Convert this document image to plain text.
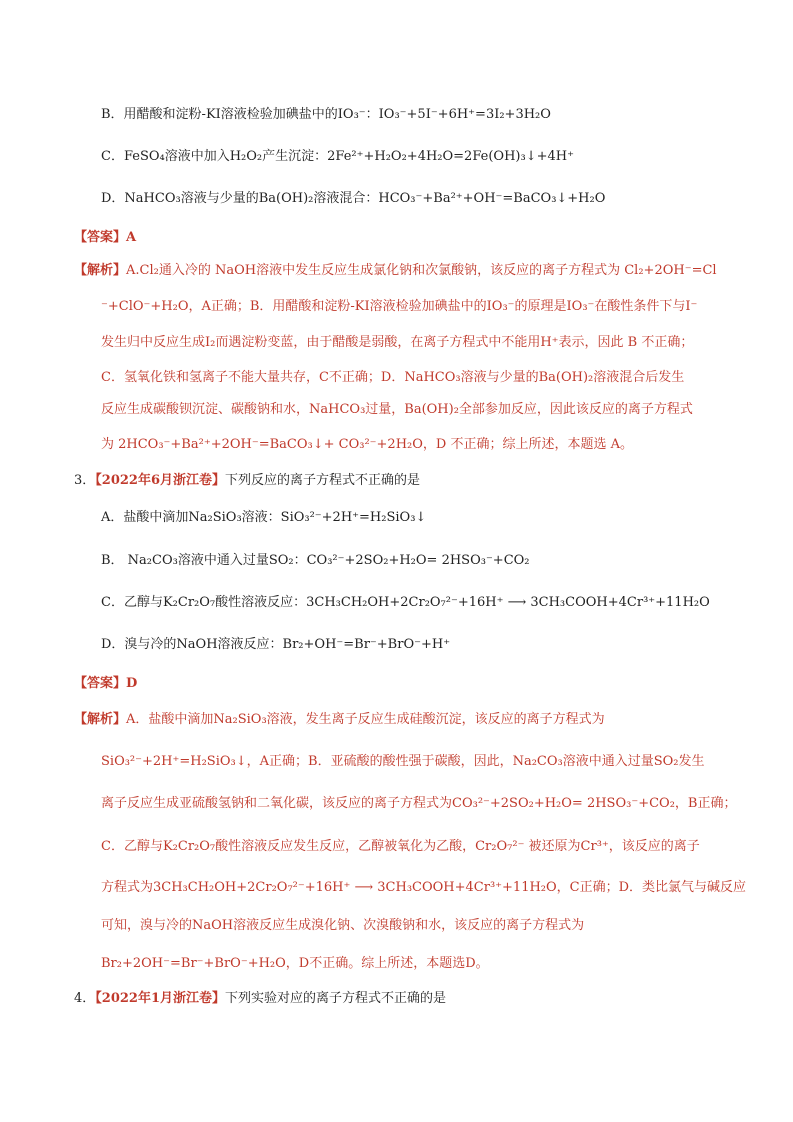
B．用醋酸和淀粉-KI溶液检验加碘盐中的IO₃⁻：IO₃⁻+5I⁻+6H⁺=3I₂+3H₂O
C．FeSO₄溶液中加入H₂O₂产生沉淀：2Fe²⁺+H₂O₂+4H₂O=2Fe(OH)₃↓+4H⁺
D．NaHCO₃溶液与少量的Ba(OH)₂溶液混合：HCO₃⁻+Ba²⁺+OH⁻=BaCO₃↓+H₂O
【答案】A
【解析】A.Cl₂通入冷的 NaOH溶液中发生反应生成氯化钠和次氯酸钠，该反应的离子方程式为 Cl₂+2OH⁻=Cl
⁻+ClO⁻+H₂O，A正确；B．用醋酸和淀粉-KI溶液检验加碘盐中的IO₃⁻的原理是IO₃⁻在酸性条件下与I⁻
发生归中反应生成I₂而遇淀粉变蓝，由于醋酸是弱酸，在离子方程式中不能用H⁺表示，因此 B 不正确；
C．氢氧化铁和氢离子不能大量共存，C不正确；D．NaHCO₃溶液与少量的Ba(OH)₂溶液混合后发生
反应生成碳酸钡沉淀、碳酸钠和水，NaHCO₃过量，Ba(OH)₂全部参加反应，因此该反应的离子方程式
为 2HCO₃⁻+Ba²⁺+2OH⁻=BaCO₃↓+ CO₃²⁻+2H₂O，D 不正确；综上所述，本题选 A。
3．【2022年6月浙江卷】下列反应的离子方程式不正确的是
A．盐酸中滴加Na₂SiO₃溶液：SiO₃²⁻+2H⁺=H₂SiO₃↓
B． Na₂CO₃溶液中通入过量SO₂：CO₃²⁻+2SO₂+H₂O= 2HSO₃⁻+CO₂
C．乙醇与K₂Cr₂O₇酸性溶液反应：3CH₃CH₂OH+2Cr₂O₇²⁻+16H⁺ ⟶ 3CH₃COOH+4Cr³⁺+11H₂O
D．溴与冷的NaOH溶液反应：Br₂+OH⁻=Br⁻+BrO⁻+H⁺
【答案】D
【解析】A．盐酸中滴加Na₂SiO₃溶液，发生离子反应生成硅酸沉淀，该反应的离子方程式为
SiO₃²⁻+2H⁺=H₂SiO₃↓，A正确；B．亚硫酸的酸性强于碳酸，因此，Na₂CO₃溶液中通入过量SO₂发生
离子反应生成亚硫酸氢钠和二氧化碳，该反应的离子方程式为CO₃²⁻+2SO₂+H₂O= 2HSO₃⁻+CO₂，B正确；
C．乙醇与K₂Cr₂O₇酸性溶液反应发生反应，乙醇被氧化为乙酸，Cr₂O₇²⁻ 被还原为Cr³⁺，该反应的离子
方程式为3CH₃CH₂OH+2Cr₂O₇²⁻+16H⁺ ⟶ 3CH₃COOH+4Cr³⁺+11H₂O，C正确；D．类比氯气与碱反应
可知，溴与冷的NaOH溶液反应生成溴化钠、次溴酸钠和水，该反应的离子方程式为
Br₂+2OH⁻=Br⁻+BrO⁻+H₂O，D不正确。综上所述，本题选D。
4．【2022年1月浙江卷】下列实验对应的离子方程式不正确的是
